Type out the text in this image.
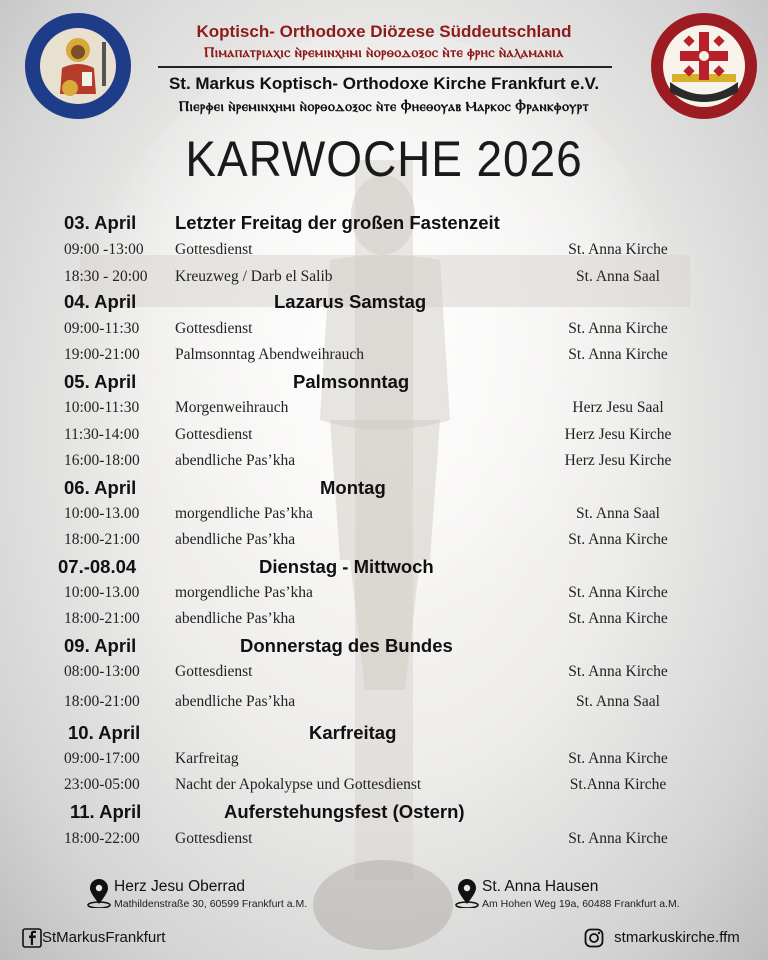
Koptisch- Orthodoxe Diözese Süddeutschland
Ⲡⲓⲙⲁⲡⲁⲧⲣⲓⲁⲭⲓⲥ ⲛ̀ⲣⲉⲙⲓⲛⲭⲏⲙⲓ ⲛ̀ⲟⲣⲑⲟⲇⲟⲝⲟⲥ ⲛ̀ⲧⲉ ⲫⲣⲏⲥ ⲛ̀ⲁⲗⲁⲙⲁⲛⲓⲁ
St. Markus Koptisch- Orthodoxe Kirche Frankfurt e.V.
Ⲡⲓⲉⲣⲫⲉⲓ ⲛ̀ⲣⲉⲙⲓⲛⲭⲏⲙⲓ ⲛ̀ⲟⲣⲑⲟⲇⲟⲝⲟⲥ ⲛ̀ⲧⲉ Ⲫⲏⲉⲑⲟⲩⲁⲃ Ⲙⲁⲣⲕⲟⲥ Ⲫⲣⲁⲛⲕⲫⲟⲩⲣⲧ
KARWOCHE 2026
03. April Letzter Freitag der großen Fastenzeit
09:00 -13:00 Gottesdienst	St. Anna Kirche
18:30 - 20:00 Kreuzweg / Darb el Salib	St. Anna Saal
04. April	Lazarus Samstag
09:00-11:30 Gottesdienst	St. Anna Kirche
19:00-21:00 Palmsonntag Abendweihrauch	St. Anna Kirche
05. April	Palmsonntag
10:00-11:30 Morgenweihrauch	Herz Jesu Saal
11:30-14:00 Gottesdienst	Herz Jesu Kirche
16:00-18:00 abendliche Pas’kha	Herz Jesu Kirche
06. April	Montag
10:00-13.00 morgendliche Pas’kha	St. Anna Saal
18:00-21:00 abendliche Pas’kha	St. Anna Kirche
07.-08.04	Dienstag - Mittwoch
10:00-13.00 morgendliche Pas’kha	St. Anna Kirche
18:00-21:00 abendliche Pas’kha	St. Anna Kirche
09. April	Donnerstag des Bundes
08:00-13:00 Gottesdienst	St. Anna Kirche
18:00-21:00 abendliche Pas’kha	St. Anna Saal
10. April	Karfreitag
09:00-17:00 Karfreitag	St. Anna Kirche
23:00-05:00 Nacht der Apokalypse und Gottesdienst	St.Anna Kirche
11. April	Auferstehungsfest (Ostern)
18:00-22:00 Gottesdienst	St. Anna Kirche
Herz Jesu Oberrad
Mathildenstraße 30, 60599 Frankfurt a.M.
St. Anna Hausen
Am Hohen Weg 19a, 60488 Frankfurt a.M.
StMarkusFrankfurt	stmarkuskirche.ffm
